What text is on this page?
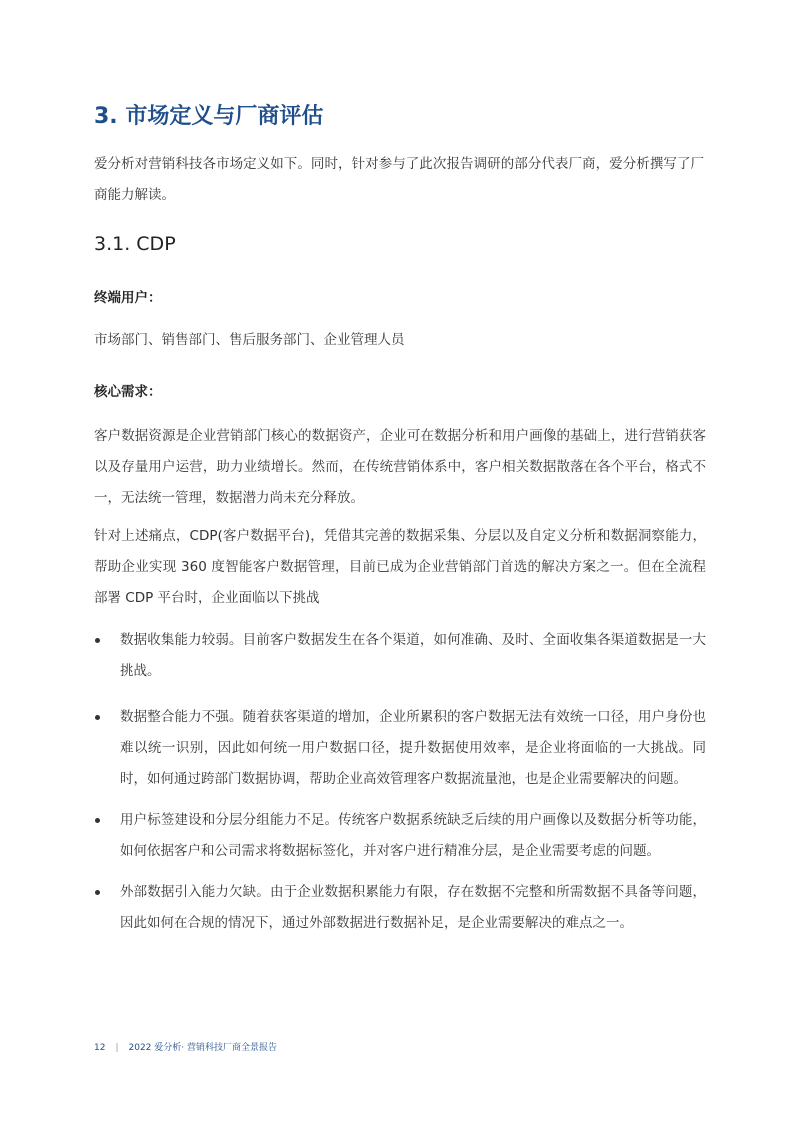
3. 市场定义与厂商评估

爱分析对营销科技各市场定义如下。同时，针对参与了此次报告调研的部分代表厂商，爱分析撰写了厂商能力解读。

3.1. CDP

终端用户：

市场部门、销售部门、售后服务部门、企业管理人员

核心需求：

客户数据资源是企业营销部门核心的数据资产，企业可在数据分析和用户画像的基础上，进行营销获客以及存量用户运营，助力业绩增长。然而，在传统营销体系中，客户相关数据散落在各个平台，格式不一，无法统一管理，数据潜力尚未充分释放。

针对上述痛点，CDP(客户数据平台)，凭借其完善的数据采集、分层以及自定义分析和数据洞察能力，帮助企业实现 360 度智能客户数据管理，目前已成为企业营销部门首选的解决方案之一。但在全流程部署 CDP 平台时，企业面临以下挑战

数据收集能力较弱。目前客户数据发生在各个渠道，如何准确、及时、全面收集各渠道数据是一大挑战。

数据整合能力不强。随着获客渠道的增加，企业所累积的客户数据无法有效统一口径，用户身份也难以统一识别，因此如何统一用户数据口径，提升数据使用效率，是企业将面临的一大挑战。同时，如何通过跨部门数据协调，帮助企业高效管理客户数据流量池，也是企业需要解决的问题。

用户标签建设和分层分组能力不足。传统客户数据系统缺乏后续的用户画像以及数据分析等功能，如何依据客户和公司需求将数据标签化，并对客户进行精准分层，是企业需要考虑的问题。

外部数据引入能力欠缺。由于企业数据积累能力有限，存在数据不完整和所需数据不具备等问题，因此如何在合规的情况下，通过外部数据进行数据补足，是企业需要解决的难点之一。

12 | 2022 爱分析· 营销科技厂商全景报告
